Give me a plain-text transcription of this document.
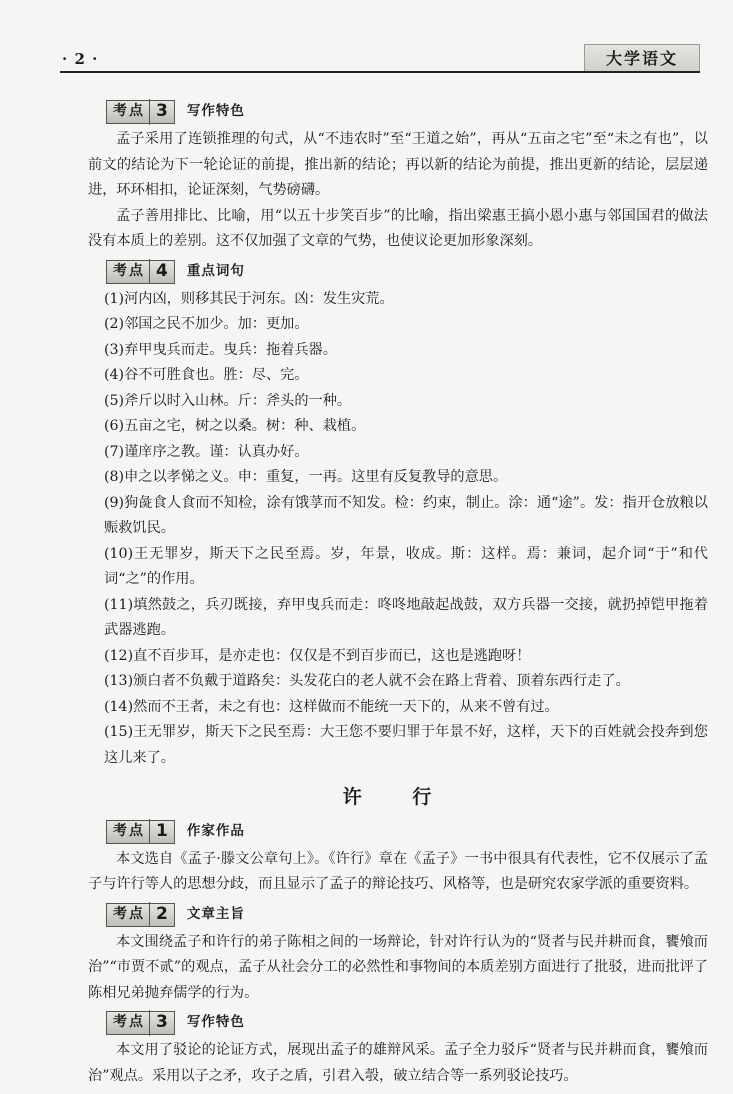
· 2 ·	大学语文
考点 3 写作特色

孟子采用了连锁推理的句式，从“不违农时”至“王道之始”，再从“五亩之宅”至“未之有也”，以前文的结论为下一轮论证的前提，推出新的结论；再以新的结论为前提，推出更新的结论，层层递进，环环相扣，论证深刻，气势磅礴。

孟子善用排比、比喻，用“以五十步笑百步”的比喻，指出梁惠王搞小恩小惠与邻国国君的做法没有本质上的差别。这不仅加强了文章的气势，也使议论更加形象深刻。

考点 4 重点词句

(1)河内凶，则移其民于河东。凶：发生灾荒。

(2)邻国之民不加少。加：更加。

(3)弃甲曳兵而走。曳兵：拖着兵器。

(4)谷不可胜食也。胜：尽、完。

(5)斧斤以时入山林。斤：斧头的一种。

(6)五亩之宅，树之以桑。树：种、栽植。

(7)谨庠序之教。谨：认真办好。

(8)申之以孝悌之义。申：重复，一再。这里有反复教导的意思。

(9)狗彘食人食而不知检，涂有饿莩而不知发。检：约束，制止。涂：通“途”。发：指开仓放粮以赈救饥民。

(10)王无罪岁，斯天下之民至焉。岁，年景，收成。斯：这样。焉：兼词，起介词“于”和代词“之”的作用。

(11)填然鼓之，兵刃既接，弃甲曳兵而走：咚咚地敲起战鼓，双方兵器一交接，就扔掉铠甲拖着武器逃跑。

(12)直不百步耳，是亦走也：仅仅是不到百步而已，这也是逃跑呀！

(13)颁白者不负戴于道路矣：头发花白的老人就不会在路上背着、顶着东西行走了。

(14)然而不王者，未之有也：这样做而不能统一天下的，从来不曾有过。

(15)王无罪岁，斯天下之民至焉：大王您不要归罪于年景不好，这样，天下的百姓就会投奔到您这儿来了。

许 行
考点 1 作家作品

本文选自《孟子·滕文公章句上》。《许行》章在《孟子》一书中很具有代表性，它不仅展示了孟子与许行等人的思想分歧，而且显示了孟子的辩论技巧、风格等，也是研究农家学派的重要资料。

考点 2 文章主旨

本文围绕孟子和许行的弟子陈相之间的一场辩论，针对许行认为的“贤者与民并耕而食，饔飧而治”“市贾不贰”的观点，孟子从社会分工的必然性和事物间的本质差别方面进行了批驳，进而批评了陈相兄弟抛弃儒学的行为。

考点 3 写作特色

本文用了驳论的论证方式，展现出孟子的雄辩风采。孟子全力驳斥“贤者与民并耕而食，饔飧而治”观点。采用以子之矛，攻子之盾，引君入彀，破立结合等一系列驳论技巧。
